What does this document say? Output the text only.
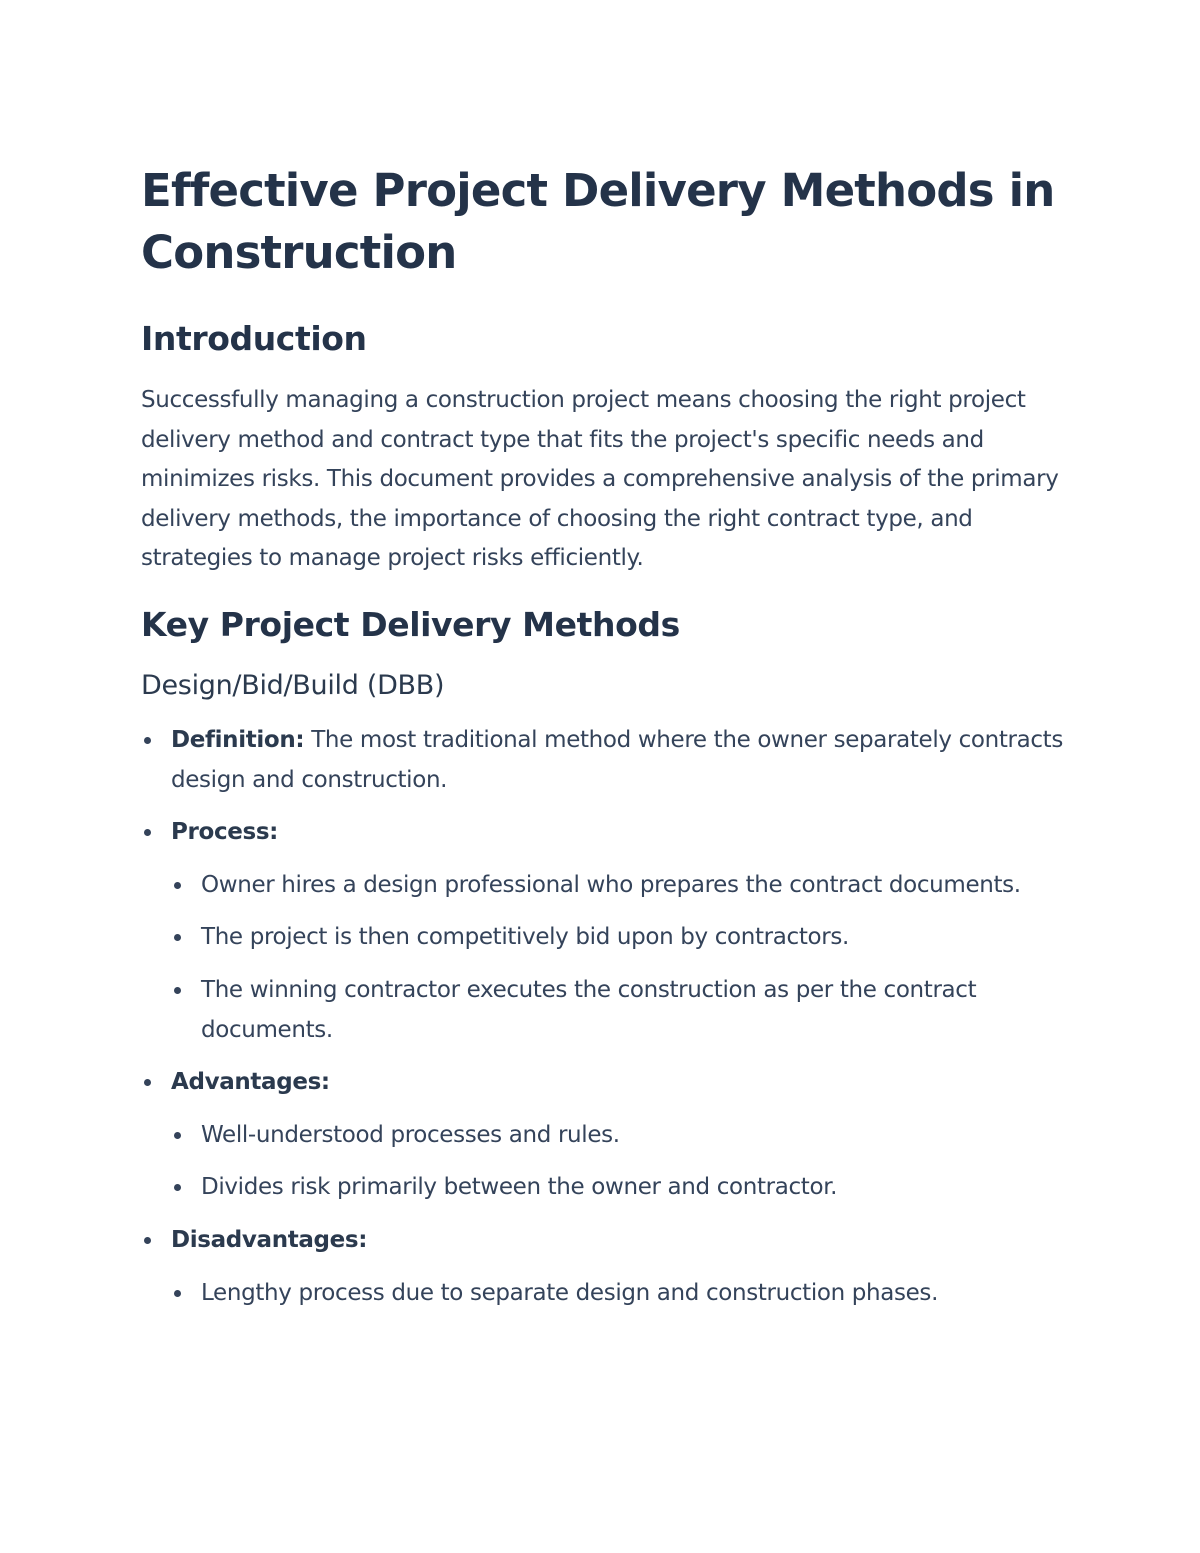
Effective Project Delivery Methods in Construction
Introduction

Successfully managing a construction project means choosing the right project delivery method and contract type that fits the project's specific needs and minimizes risks. This document provides a comprehensive analysis of the primary delivery methods, the importance of choosing the right contract type, and strategies to manage project risks efficiently.

Key Project Delivery Methods
Design/Bid/Build (DBB)
Definition: The most traditional method where the owner separately contracts design and construction.
Process:
Owner hires a design professional who prepares the contract documents.
The project is then competitively bid upon by contractors.
The winning contractor executes the construction as per the contract documents.
Advantages:
Well-understood processes and rules.
Divides risk primarily between the owner and contractor.
Disadvantages:
Lengthy process due to separate design and construction phases.
